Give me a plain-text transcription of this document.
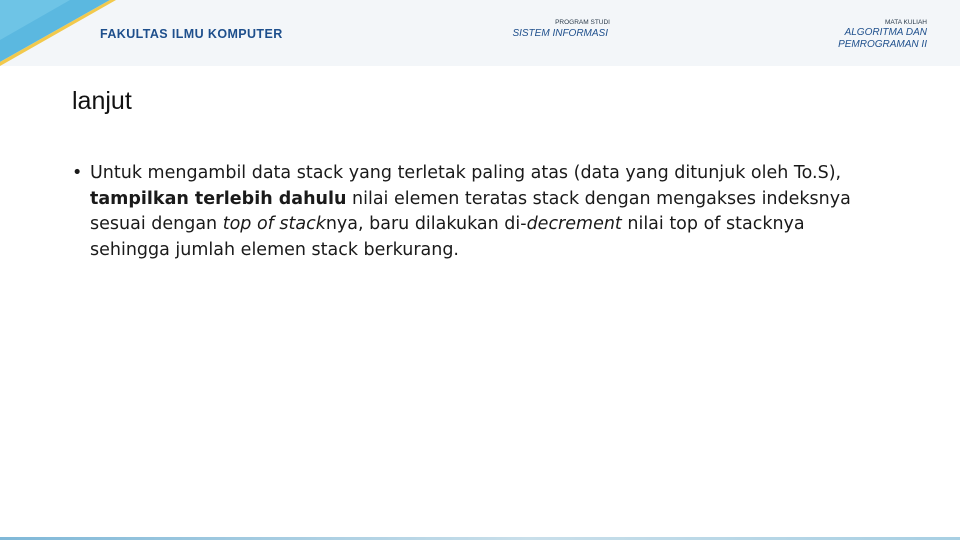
FAKULTAS ILMU KOMPUTER
PROGRAM STUDI
SISTEM INFORMASI
MATA KULIAH
ALGORITMA DAN
PEMROGRAMAN II
lanjut
• Untuk mengambil data stack yang terletak paling atas (data yang ditunjuk oleh To.S), tampilkan terlebih dahulu nilai elemen teratas stack dengan mengakses indeksnya sesuai dengan top of stacknya, baru dilakukan di-decrement nilai top of stacknya sehingga jumlah elemen stack berkurang.
